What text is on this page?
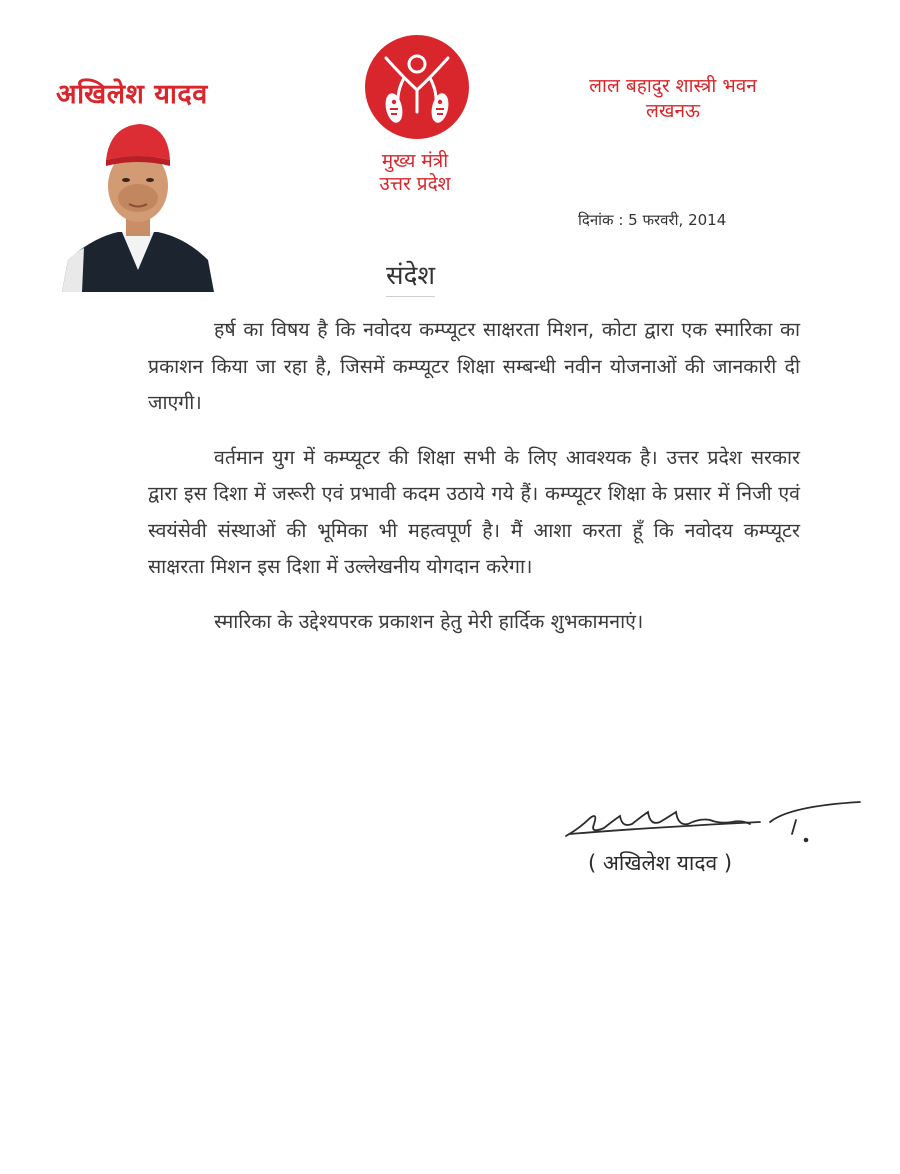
अखिलेश यादव
मुख्य मंत्री
उत्तर प्रदेश
लाल बहादुर शास्त्री भवन
लखनऊ
दिनांक : 5 फरवरी, 2014
संदेश

हर्ष का विषय है कि नवोदय कम्प्यूटर साक्षरता मिशन, कोटा द्वारा एक स्मारिका का प्रकाशन किया जा रहा है, जिसमें कम्प्यूटर शिक्षा सम्बन्धी नवीन योजनाओं की जानकारी दी जाएगी।

वर्तमान युग में कम्प्यूटर की शिक्षा सभी के लिए आवश्यक है। उत्तर प्रदेश सरकार द्वारा इस दिशा में जरूरी एवं प्रभावी कदम उठाये गये हैं। कम्प्यूटर शिक्षा के प्रसार में निजी एवं स्वयंसेवी संस्थाओं की भूमिका भी महत्वपूर्ण है। मैं आशा करता हूँ कि नवोदय कम्प्यूटर साक्षरता मिशन इस दिशा में उल्लेखनीय योगदान करेगा।

स्मारिका के उद्देश्यपरक प्रकाशन हेतु मेरी हार्दिक शुभकामनाएं।

( अखिलेश यादव )
